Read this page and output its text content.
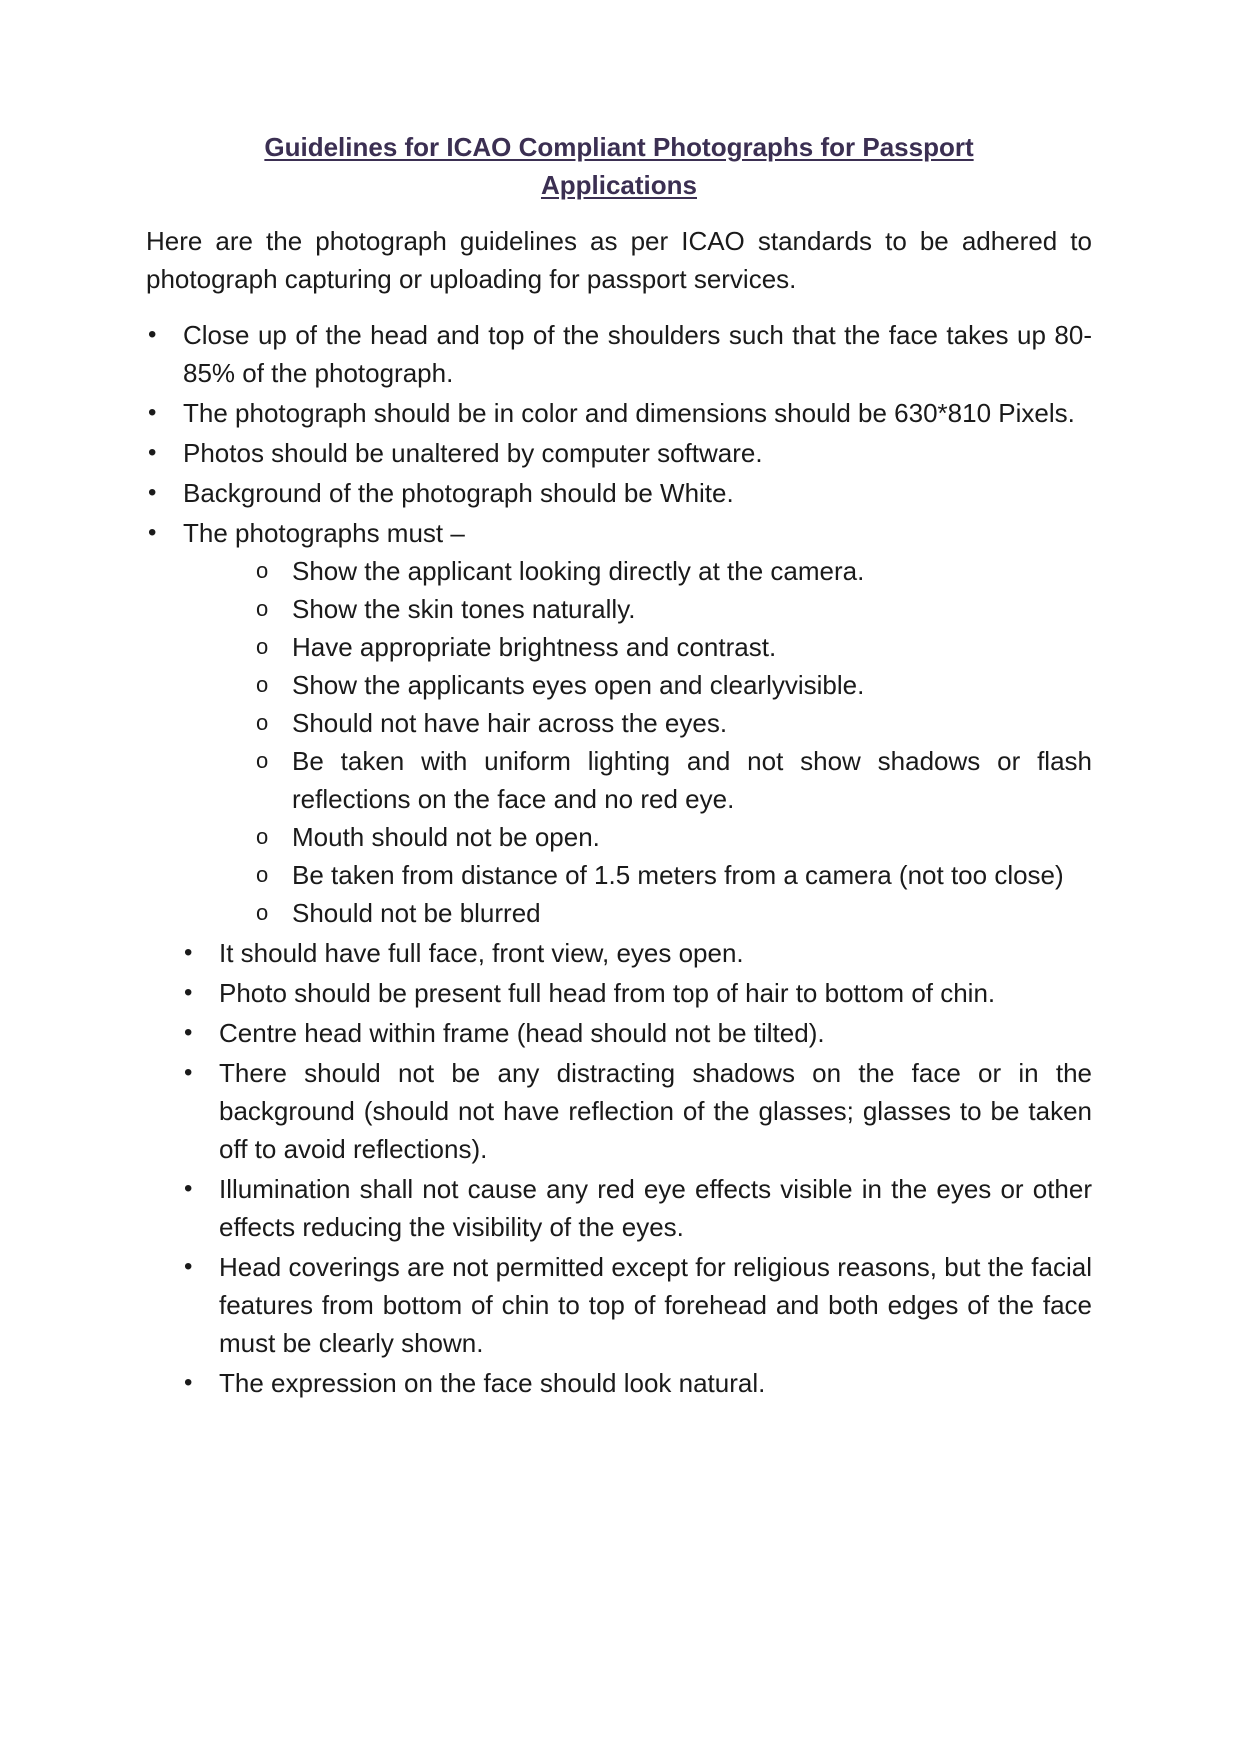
Guidelines for ICAO Compliant Photographs for Passport
Applications

Here are the photograph guidelines as per ICAO standards to be adhered to photograph capturing or uploading for passport services.

• Close up of the head and top of the shoulders such that the face takes up 80-85% of the photograph.
• The photograph should be in color and dimensions should be 630*810 Pixels.
• Photos should be unaltered by computer software.
• Background of the photograph should be White.
• The photographs must –
o Show the applicant looking directly at the camera.
o Show the skin tones naturally.
o Have appropriate brightness and contrast.
o Show the applicants eyes open and clearlyvisible.
o Should not have hair across the eyes.
o Be taken with uniform lighting and not show shadows or flash reflections on the face and no red eye.
o Mouth should not be open.
o Be taken from distance of 1.5 meters from a camera (not too close)
o Should not be blurred
• It should have full face, front view, eyes open.
• Photo should be present full head from top of hair to bottom of chin.
• Centre head within frame (head should not be tilted).
• There should not be any distracting shadows on the face or in the background (should not have reflection of the glasses; glasses to be taken off to avoid reflections).
• Illumination shall not cause any red eye effects visible in the eyes or other effects reducing the visibility of the eyes.
• Head coverings are not permitted except for religious reasons, but the facial features from bottom of chin to top of forehead and both edges of the face must be clearly shown.
• The expression on the face should look natural.
